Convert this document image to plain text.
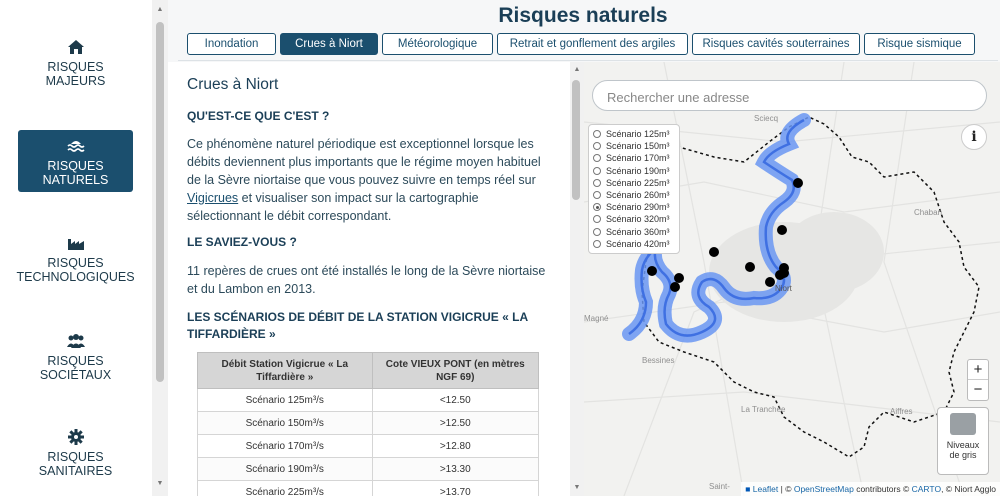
RISQUES
MAJEURS
RISQUES
NATURELS
RISQUES
TECHNOLOGIQUES
RISQUES
SOCIÉTAUX
RISQUES
SANITAIRES
▲
▼
Risques naturels
Inondation	Crues à Niort	Météorologique	Retrait et gonflement des argiles	Risques cavités souterraines	Risque sismique
Crues à Niort
QU'EST-CE QUE C'EST ?
Ce phénomène naturel périodique est exceptionnel lorsque les débits deviennent plus importants que le régime moyen habituel de la Sèvre niortaise que vous pouvez suivre en temps réel sur Vigicrues et visualiser son impact sur la cartographie sélectionnant le débit correspondant.
LE SAVIEZ-VOUS ?
11 repères de crues ont été installés le long de la Sèvre niortaise et du Lambon en 2013.
LES SCÉNARIOS DE DÉBIT DE LA STATION VIGICRUE « LA TIFFARDIÈRE »
Débit Station Vigicrue « La Tiffardière »	Cote VIEUX PONT (en mètres NGF 69)
Scénario 125m³/s	<12.50
Scénario 150m³/s	>12.50
Scénario 170m³/s	>12.80
Scénario 190m³/s	>13.30
Scénario 225m³/s	>13.70
▲
▼
Sciecq
Chaban
Niort
Magné
Bessines
La Tranchée	Aiffres
Saint-
Rechercher une adresse
Scénario 125m³
Scénario 150m³
Scénario 170m³
Scénario 190m³
Scénario 225m³
Scénario 260m³
Scénario 290m³
Scénario 320m³
Scénario 360m³
Scénario 420m³
i
+
−
Niveaux
de gris
■ Leaflet | © OpenStreetMap contributors © CARTO, © Niort Agglo
